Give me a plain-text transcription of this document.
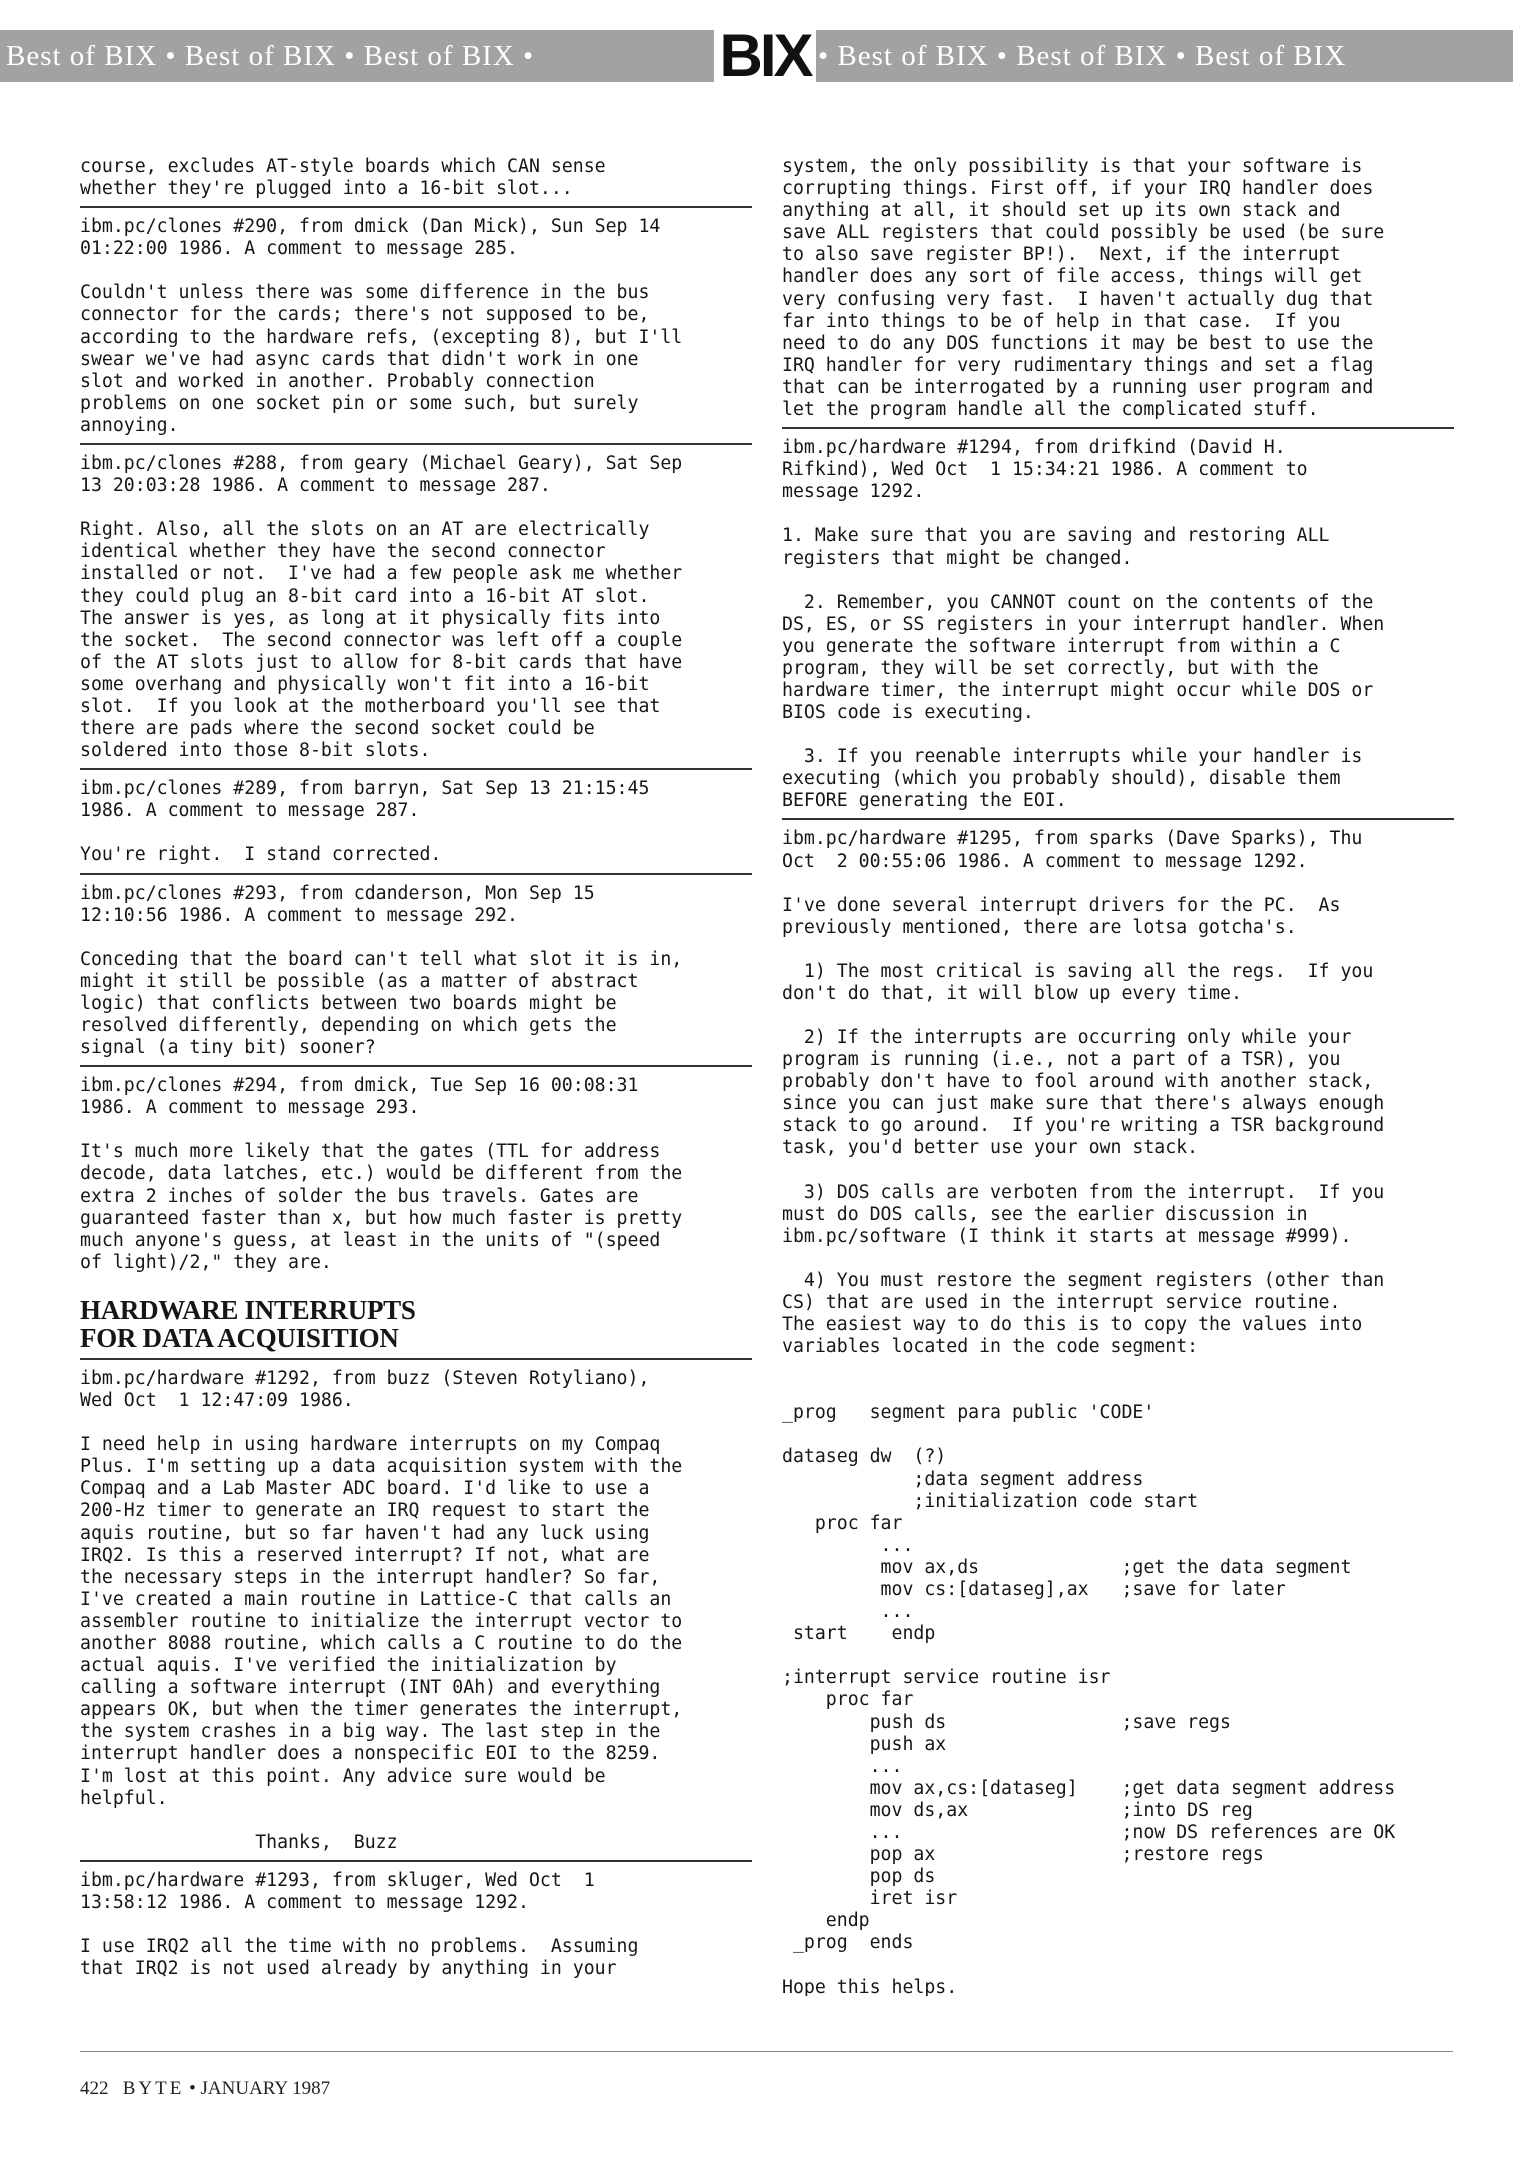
Best of BIX • Best of BIX • Best of BIX •	BIX • Best of BIX • Best of BIX • Best of BIX
course, excludes AT-style boards which CAN sense
whether they're plugged into a 16-bit slot...
ibm.pc/clones #290, from dmick (Dan Mick), Sun Sep 14
01:22:00 1986. A comment to message 285.
Couldn't unless there was some difference in the bus
connector for the cards; there's not supposed to be,
according to the hardware refs, (excepting 8), but I'll
swear we've had async cards that didn't work in one
slot and worked in another. Probably connection
problems on one socket pin or some such, but surely
annoying.
ibm.pc/clones #288, from geary (Michael Geary), Sat Sep
13 20:03:28 1986. A comment to message 287.
Right. Also, all the slots on an AT are electrically
identical whether they have the second connector
installed or not.  I've had a few people ask me whether
they could plug an 8-bit card into a 16-bit AT slot.
The answer is yes, as long at it physically fits into
the socket.  The second connector was left off a couple
of the AT slots just to allow for 8-bit cards that have
some overhang and physically won't fit into a 16-bit
slot.  If you look at the motherboard you'll see that
there are pads where the second socket could be
soldered into those 8-bit slots.
ibm.pc/clones #289, from barryn, Sat Sep 13 21:15:45
1986. A comment to message 287.
You're right.  I stand corrected.
ibm.pc/clones #293, from cdanderson, Mon Sep 15
12:10:56 1986. A comment to message 292.
Conceding that the board can't tell what slot it is in,
might it still be possible (as a matter of abstract
logic) that conflicts between two boards might be
resolved differently, depending on which gets the
signal (a tiny bit) sooner?
ibm.pc/clones #294, from dmick, Tue Sep 16 00:08:31
1986. A comment to message 293.
It's much more likely that the gates (TTL for address
decode, data latches, etc.) would be different from the
extra 2 inches of solder the bus travels. Gates are
guaranteed faster than x, but how much faster is pretty
much anyone's guess, at least in the units of "(speed
of light)/2," they are.
HARDWARE INTERRUPTS
FOR DATA ACQUISITION
ibm.pc/hardware #1292, from buzz (Steven Rotyliano),
Wed Oct  1 12:47:09 1986.
I need help in using hardware interrupts on my Compaq
Plus. I'm setting up a data acquisition system with the
Compaq and a Lab Master ADC board. I'd like to use a
200-Hz timer to generate an IRQ request to start the
aquis routine, but so far haven't had any luck using
IRQ2. Is this a reserved interrupt? If not, what are
the necessary steps in the interrupt handler? So far,
I've created a main routine in Lattice-C that calls an
assembler routine to initialize the interrupt vector to
another 8088 routine, which calls a C routine to do the
actual aquis. I've verified the initialization by
calling a software interrupt (INT 0Ah) and everything
appears OK, but when the timer generates the interrupt,
the system crashes in a big way. The last step in the
interrupt handler does a nonspecific EOI to the 8259.
I'm lost at this point. Any advice sure would be
helpful.
Thanks,  Buzz
ibm.pc/hardware #1293, from skluger, Wed Oct  1
13:58:12 1986. A comment to message 1292.
I use IRQ2 all the time with no problems.  Assuming
that IRQ2 is not used already by anything in your
system, the only possibility is that your software is
corrupting things. First off, if your IRQ handler does
anything at all, it should set up its own stack and
save ALL registers that could possibly be used (be sure
to also save register BP!).  Next, if the interrupt
handler does any sort of file access, things will get
very confusing very fast.  I haven't actually dug that
far into things to be of help in that case.  If you
need to do any DOS functions it may be best to use the
IRQ handler for very rudimentary things and set a flag
that can be interrogated by a running user program and
let the program handle all the complicated stuff.
ibm.pc/hardware #1294, from drifkind (David H.
Rifkind), Wed Oct  1 15:34:21 1986. A comment to
message 1292.
1. Make sure that you are saving and restoring ALL
registers that might be changed.
2. Remember, you CANNOT count on the contents of the
DS, ES, or SS registers in your interrupt handler. When
you generate the software interrupt from within a C
program, they will be set correctly, but with the
hardware timer, the interrupt might occur while DOS or
BIOS code is executing.
3. If you reenable interrupts while your handler is
executing (which you probably should), disable them
BEFORE generating the EOI.
ibm.pc/hardware #1295, from sparks (Dave Sparks), Thu
Oct  2 00:55:06 1986. A comment to message 1292.
I've done several interrupt drivers for the PC.  As
previously mentioned, there are lotsa gotcha's.
1) The most critical is saving all the regs.  If you
don't do that, it will blow up every time.
2) If the interrupts are occurring only while your
program is running (i.e., not a part of a TSR), you
probably don't have to fool around with another stack,
since you can just make sure that there's always enough
stack to go around.  If you're writing a TSR background
task, you'd better use your own stack.
3) DOS calls are verboten from the interrupt.  If you
must do DOS calls, see the earlier discussion in
ibm.pc/software (I think it starts at message #999).
4) You must restore the segment registers (other than
CS) that are used in the interrupt service routine.
The easiest way to do this is to copy the values into
variables located in the code segment:
_prog   segment para public 'CODE'

dataseg dw  (?)
;data segment address
;initialization code start
proc far
...
mov ax,ds             ;get the data segment
mov cs:[dataseg],ax   ;save for later
...
start    endp

;interrupt service routine isr
proc far
push ds                ;save regs
push ax
...
mov ax,cs:[dataseg]    ;get data segment address
mov ds,ax              ;into DS reg
...                    ;now DS references are OK
pop ax                 ;restore regs
pop ds
iret isr
endp
_prog  ends
Hope this helps.
422 BYTE • JANUARY 1987
